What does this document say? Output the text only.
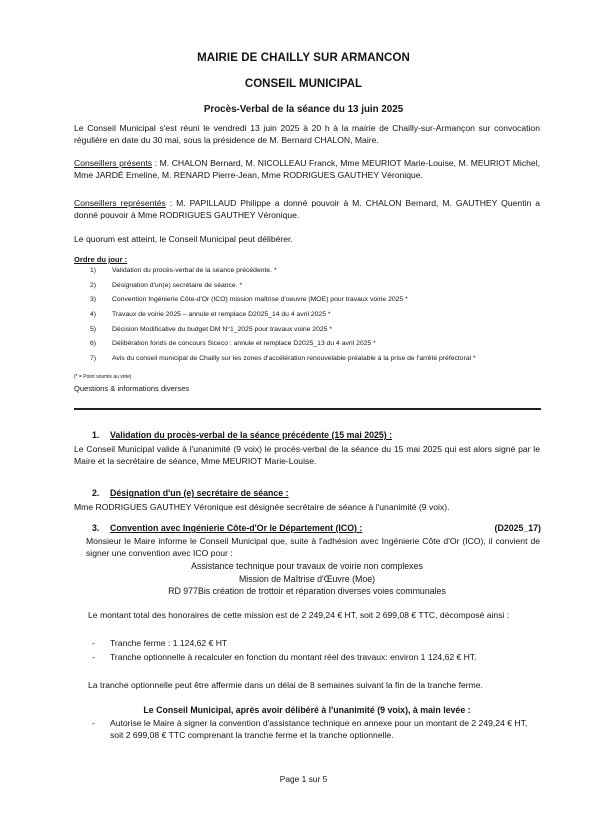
MAIRIE DE CHAILLY SUR ARMANCON
CONSEIL MUNICIPAL
Procès-Verbal de la séance du 13 juin 2025
Le Conseil Municipal s'est réuni le vendredi 13 juin 2025 à 20 h à la mairie de Chailly-sur-Armançon sur convocation régulière en date du 30 mai, sous la présidence de M. Bernard CHALON, Maire.
Conseillers présents : M. CHALON Bernard, M. NICOLLEAU Franck, Mme MEURIOT Marie-Louise, M. MEURIOT Michel, Mme JARDÉ Emeline, M. RENARD Pierre-Jean, Mme RODRIGUES GAUTHEY Véronique.
Conseillers représentés : M. PAPILLAUD Philippe a donné pouvoir à M. CHALON Bernard, M. GAUTHEY Quentin a donné pouvoir à Mme RODRIGUES GAUTHEY Véronique.
Le quorum est atteint, le Conseil Municipal peut délibérer.
Ordre du jour :
1) Validation du procès-verbal de la séance précédente. *
2) Désignation d'un(e) secrétaire de séance. *
3) Convention Ingénierie Côte-d'Or (ICO) mission maîtrise d'oeuvre (MOE) pour travaux voirie 2025 *
4) Travaux de voirie 2025 – annule et remplace D2025_14 du 4 avril 2025 *
5) Décision Modificative du budget DM N°1_2025 pour travaux voirie 2025 *
6) Délibération fonds de concours Siceco : annule et remplace D2025_13 du 4 avril 2025 *
7) Avis du conseil municipal de Chailly sur les zones d'accélération renouvelable préalable à la prise de l'arrêté préfectoral *
(* = Point soumis au vote)
Questions & informations diverses
1. Validation du procès-verbal de la séance précédente (15 mai 2025) :
Le Conseil Municipal valide à l'unanimité (9 voix) le procès-verbal de la séance du 15 mai 2025 qui est alors signé par le Maire et la secrétaire de séance, Mme MEURIOT Marie-Louise.
2. Désignation d'un (e) secrétaire de séance :
Mme RODRIGUES GAUTHEY Véronique est désignée secrétaire de séance à l'unanimité (9 voix).
3. Convention avec Ingénierie Côte-d'Or le Département (ICO) :	(D2025_17)
Monsieur le Maire informe le Conseil Municipal que, suite à l'adhésion avec Ingénierie Côte d'Or (ICO), il convient de signer une convention avec ICO pour :
Assistance technique pour travaux de voirie non complexes
Mission de Maîtrise d'Œuvre (Moe)
RD 977Bis création de trottoir et réparation diverses voies communales
Le montant total des honoraires de cette mission est de 2 249,24 € HT, soit 2 699,08 € TTC, décomposé ainsi :
-	Tranche ferme : 1 124,62 € HT
-	Tranche optionnelle à recalculer en fonction du montant réel des travaux: environ 1 124,62 € HT.
La tranche optionnelle peut être affermie dans un délai de 8 semaines suivant la fin de la tranche ferme.
Le Conseil Municipal, après avoir délibéré à l'unanimité (9 voix), à main levée :
-	Autorise le Maire à signer la convention d'assistance technique en annexe pour un montant de 2 249,24 € HT, soit 2 699,08 € TTC comprenant la tranche ferme et la tranche optionnelle.
Page 1 sur 5
